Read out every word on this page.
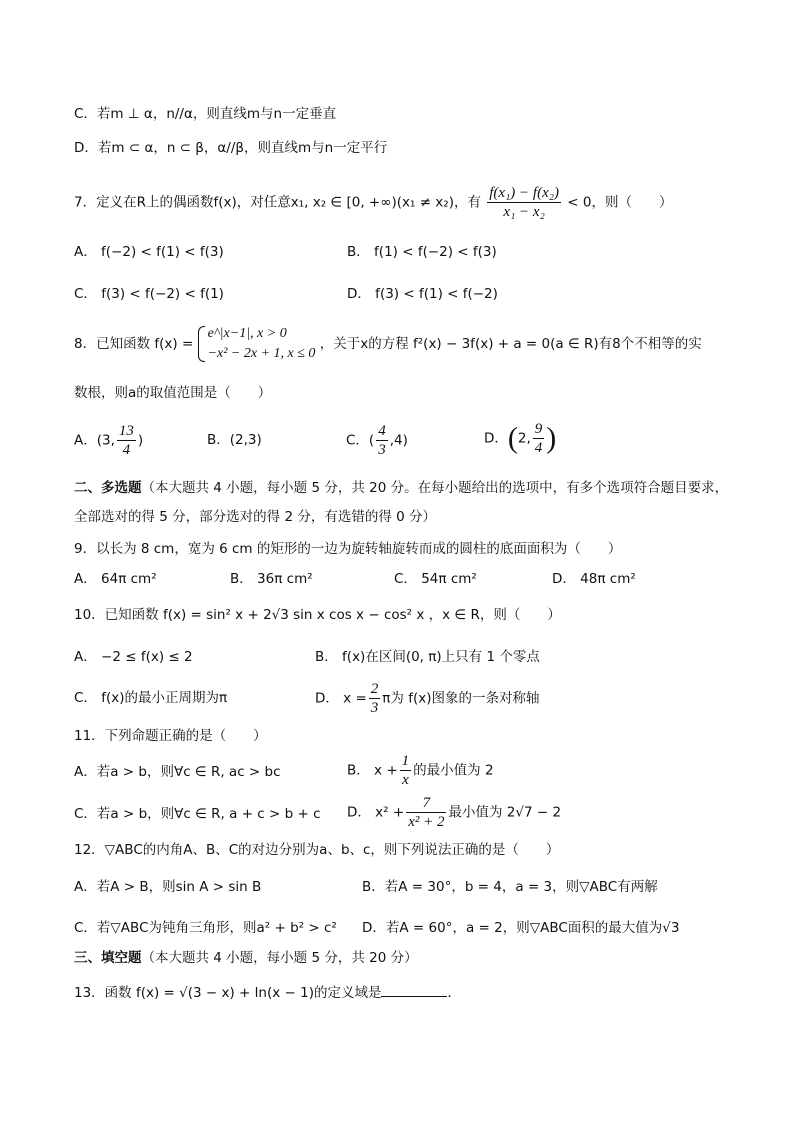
C．若m ⊥ α，n//α，则直线m与n一定垂直
D．若m ⊂ α，n ⊂ β，α//β，则直线m与n一定平行
7．定义在R上的偶函数f(x)，对任意x₁, x₂ ∈ [0, +∞)(x₁ ≠ x₂)，有 $\frac{\text{f(x₁) − f(x₂)}}{\text{x₁ − x₂}} < 0$，则（　　）
A． f(−2) < f(1) < f(3)	B． f(1) < f(−2) < f(3)
C． f(3) < f(−2) < f(1)	D． f(3) < f(1) < f(−2)
8．已知函数 f(x) =
e^|x−1|, x > 0
−x² − 2x + 1, x ≤ 0
，关于x的方程 f²(x) − 3f(x) + a = 0(a ∈ R)有8个不相等的实
数根，则a的取值范围是（　　）
A．(3, $\frac{13}{4}$ )	B．(2,3)	C．( $\frac{4}{3} ,4$)	D．(2, $\frac{9}{4}$ )
二、多选题（本大题共 4 小题，每小题 5 分，共 20 分。在每小题给出的选项中，有多个选项符合题目要求，
全部选对的得 5 分，部分选对的得 2 分，有选错的得 0 分）
9．以长为 8 cm，宽为 6 cm 的矩形的一边为旋转轴旋转而成的圆柱的底面面积为（　　）
A． 64π cm²	B． 36π cm²	C． 54π cm²	D． 48π cm²
10．已知函数 f(x) = sin² x + 2√3 sin x cos x − cos² x ，x ∈ R，则（　　）
A． −2 ≤ f(x) ≤ 2	B． f(x)在区间(0, π)上只有 1 个零点
C． f(x)的最小正周期为π	D． $x = \frac{2}{3}$ π为 f(x)图象的一条对称轴
11．下列命题正确的是（　　）
A．若a > b，则∀c ∈ R, ac > bc	B． $x + \frac{1}{x}$ 的最小值为 2
C．若a > b，则∀c ∈ R, a + c > b + c D． $x^2 + \frac{7}{\text{x² + 2}}$ 最小值为 2√7 − 2
12．▽ABC的内角A、B、C的对边分别为a、b、c，则下列说法正确的是（　　）
A．若A > B，则sin A > sin B	B．若A = 30°，b = 4，a = 3，则▽ABC有两解
C．若▽ABC为钝角三角形，则a² + b² > c² D．若A = 60°，a = 2，则▽ABC面积的最大值为√3
三、填空题（本大题共 4 小题，每小题 5 分，共 20 分）
13．函数 f(x) = √(3 − x) + ln(x − 1)的定义域是	．
